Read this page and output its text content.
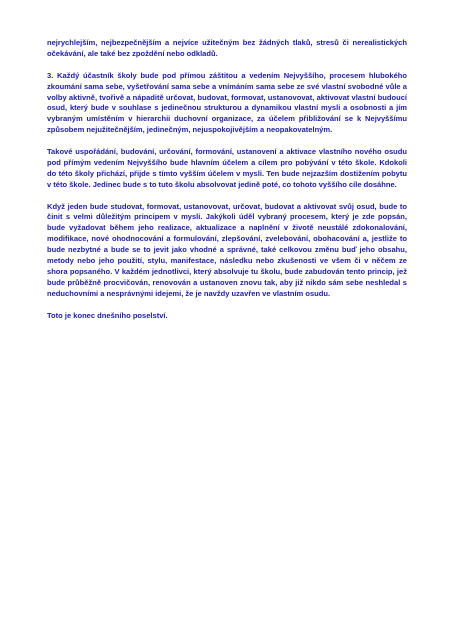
nejrychlejším, nejbezpečnějším a nejvíce užitečným bez žádných tlaků, stresů či nerealistických očekávání, ale také bez zpoždění nebo odkladů.

3. Každý účastník školy bude pod přímou záštitou a vedením Nejvyššího, procesem hlubokého zkoumání sama sebe, vyšetřování sama sebe a vnímáním sama sebe ze své vlastní svobodné vůle a volby aktivně, tvořivě a nápaditě určovat, budovat, formovat, ustanovovat, aktivovat vlastní budoucí osud, který bude v souhlase s jedinečnou strukturou a dynamikou vlastní mysli a osobnosti a jím vybraným umístěním v hierarchii duchovní organizace, za účelem přibližování se k Nejvyššímu způsobem nejužitečnějším, jedinečným, nejuspokojivějším a neopakovatelným.

Takové uspořádání, budování, určování, formování, ustanovení a aktivace vlastního nového osudu pod přímým vedením Nejvyššího bude hlavním účelem a cílem pro pobývání v této škole. Kdokoli do této školy přichází, přijde s tímto vyšším účelem v mysli. Ten bude nejzazším dostižením pobytu v této škole. Jedinec bude s to tuto školu absolvovat jedině poté, co tohoto vyššího cíle dosáhne.

Když jeden bude studovat, formovat, ustanovovat, určovat, budovat a aktivovat svůj osud, bude to činit s velmi důležitým principem v mysli. Jakýkoli úděl vybraný procesem, který je zde popsán, bude vyžadovat během jeho realizace, aktualizace a naplnění v životě neustálé zdokonalování, modifikace, nové ohodnocování a formulování, zlepšování, zvelebování, obohacování a, jestliže to bude nezbytné a bude se to jevit jako vhodné a správné, také celkovou změnu buď jeho obsahu, metody nebo jeho použití, stylu, manifestace, následku nebo zkušenosti ve všem či v něčem ze shora popsaného. V každém jednotlivci, který absolvuje tu školu, bude zabudován tento princip, jež bude průběžně procvičován, renovován a ustanoven znovu tak, aby již nikdo sám sebe neshledal s neduchovními a nesprávnými idejemi, že je navždy uzavřen ve vlastním osudu.

Toto je konec dnešního poselství.
